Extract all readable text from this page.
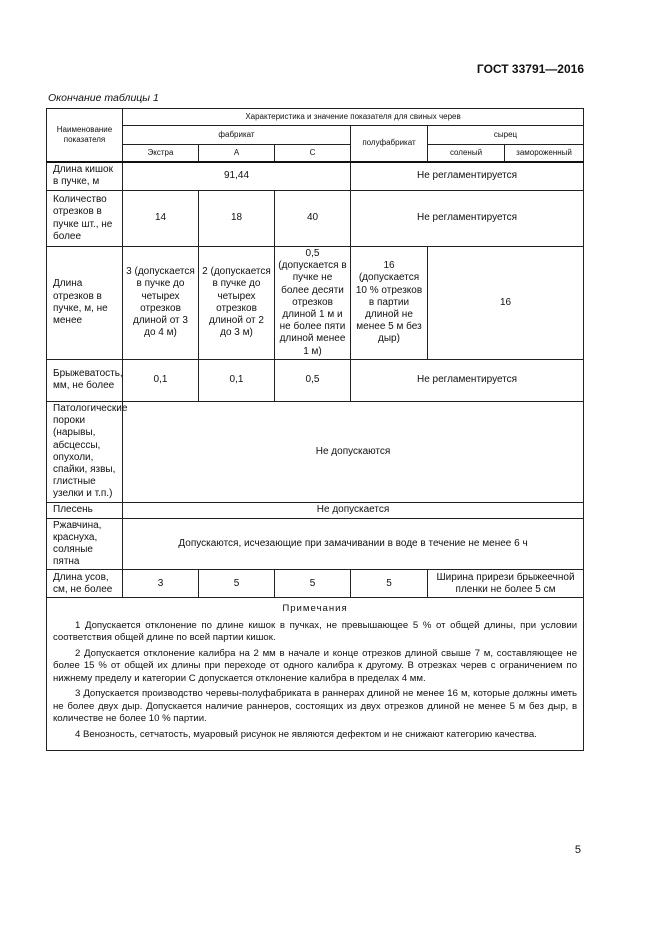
ГОСТ 33791—2016
Окончание таблицы 1
Наименование показателя	Характеристика и значение показателя для свиных черев					
	фабрикат			полуфабрикат	сырец	
	Экстра	А	С		соленый	замороженный
Длина кишок в пучке, м	91,44			Не регламентируется		
Количество отрезков в пучке шт., не более	14	18	40	Не регламентируется		
Длина отрезков в пучке, м, не менее	3 (допускается в пучке до четырех отрезков длиной от 3 до 4 м)	2 (допускается в пучке до четырех отрезков длиной от 2 до 3 м)	0,5 (допускается в пучке не более десяти отрезков длиной 1 м и не более пяти длиной менее 1 м)	16 (допускается 10 % отрезков в партии длиной не менее 5 м без дыр)	16	
Брыжеватость, мм, не более	0,1	0,1	0,5	Не регламентируется		
Патологические пороки (нарывы, абсцессы, опухоли, спайки, язвы, глистные узелки и т.п.)	Не допускаются					
Плесень	Не допускается					
Ржавчина, краснуха, соляные пятна	Допускаются, исчезающие при замачивании в воде в течение не менее 6 ч					
Длина усов, см, не более	3	5	5	5	Ширина прирези брыжеечной пленки не более 5 см	

Примечания

1 Допускается отклонение по длине кишок в пучках, не превышающее 5 % от общей длины, при условии соответствия общей длине по всей партии кишок.

2 Допускается отклонение калибра на 2 мм в начале и конце отрезков длиной свыше 7 м, составляющее не более 15 % от общей их длины при переходе от одного калибра к другому. В отрезках черев с ограничением по нижнему пределу и категории С допускается отклонение калибра в пределах 4 мм.

3 Допускается производство черевы-полуфабриката в раннерах длиной не менее 16 м, которые должны иметь не более двух дыр. Допускается наличие раннеров, состоящих из двух отрезков длиной не менее 5 м без дыр, в количестве не более 10 % партии.

4 Венозность, сетчатость, муаровый рисунок не являются дефектом и не снижают категорию качества.						

5
